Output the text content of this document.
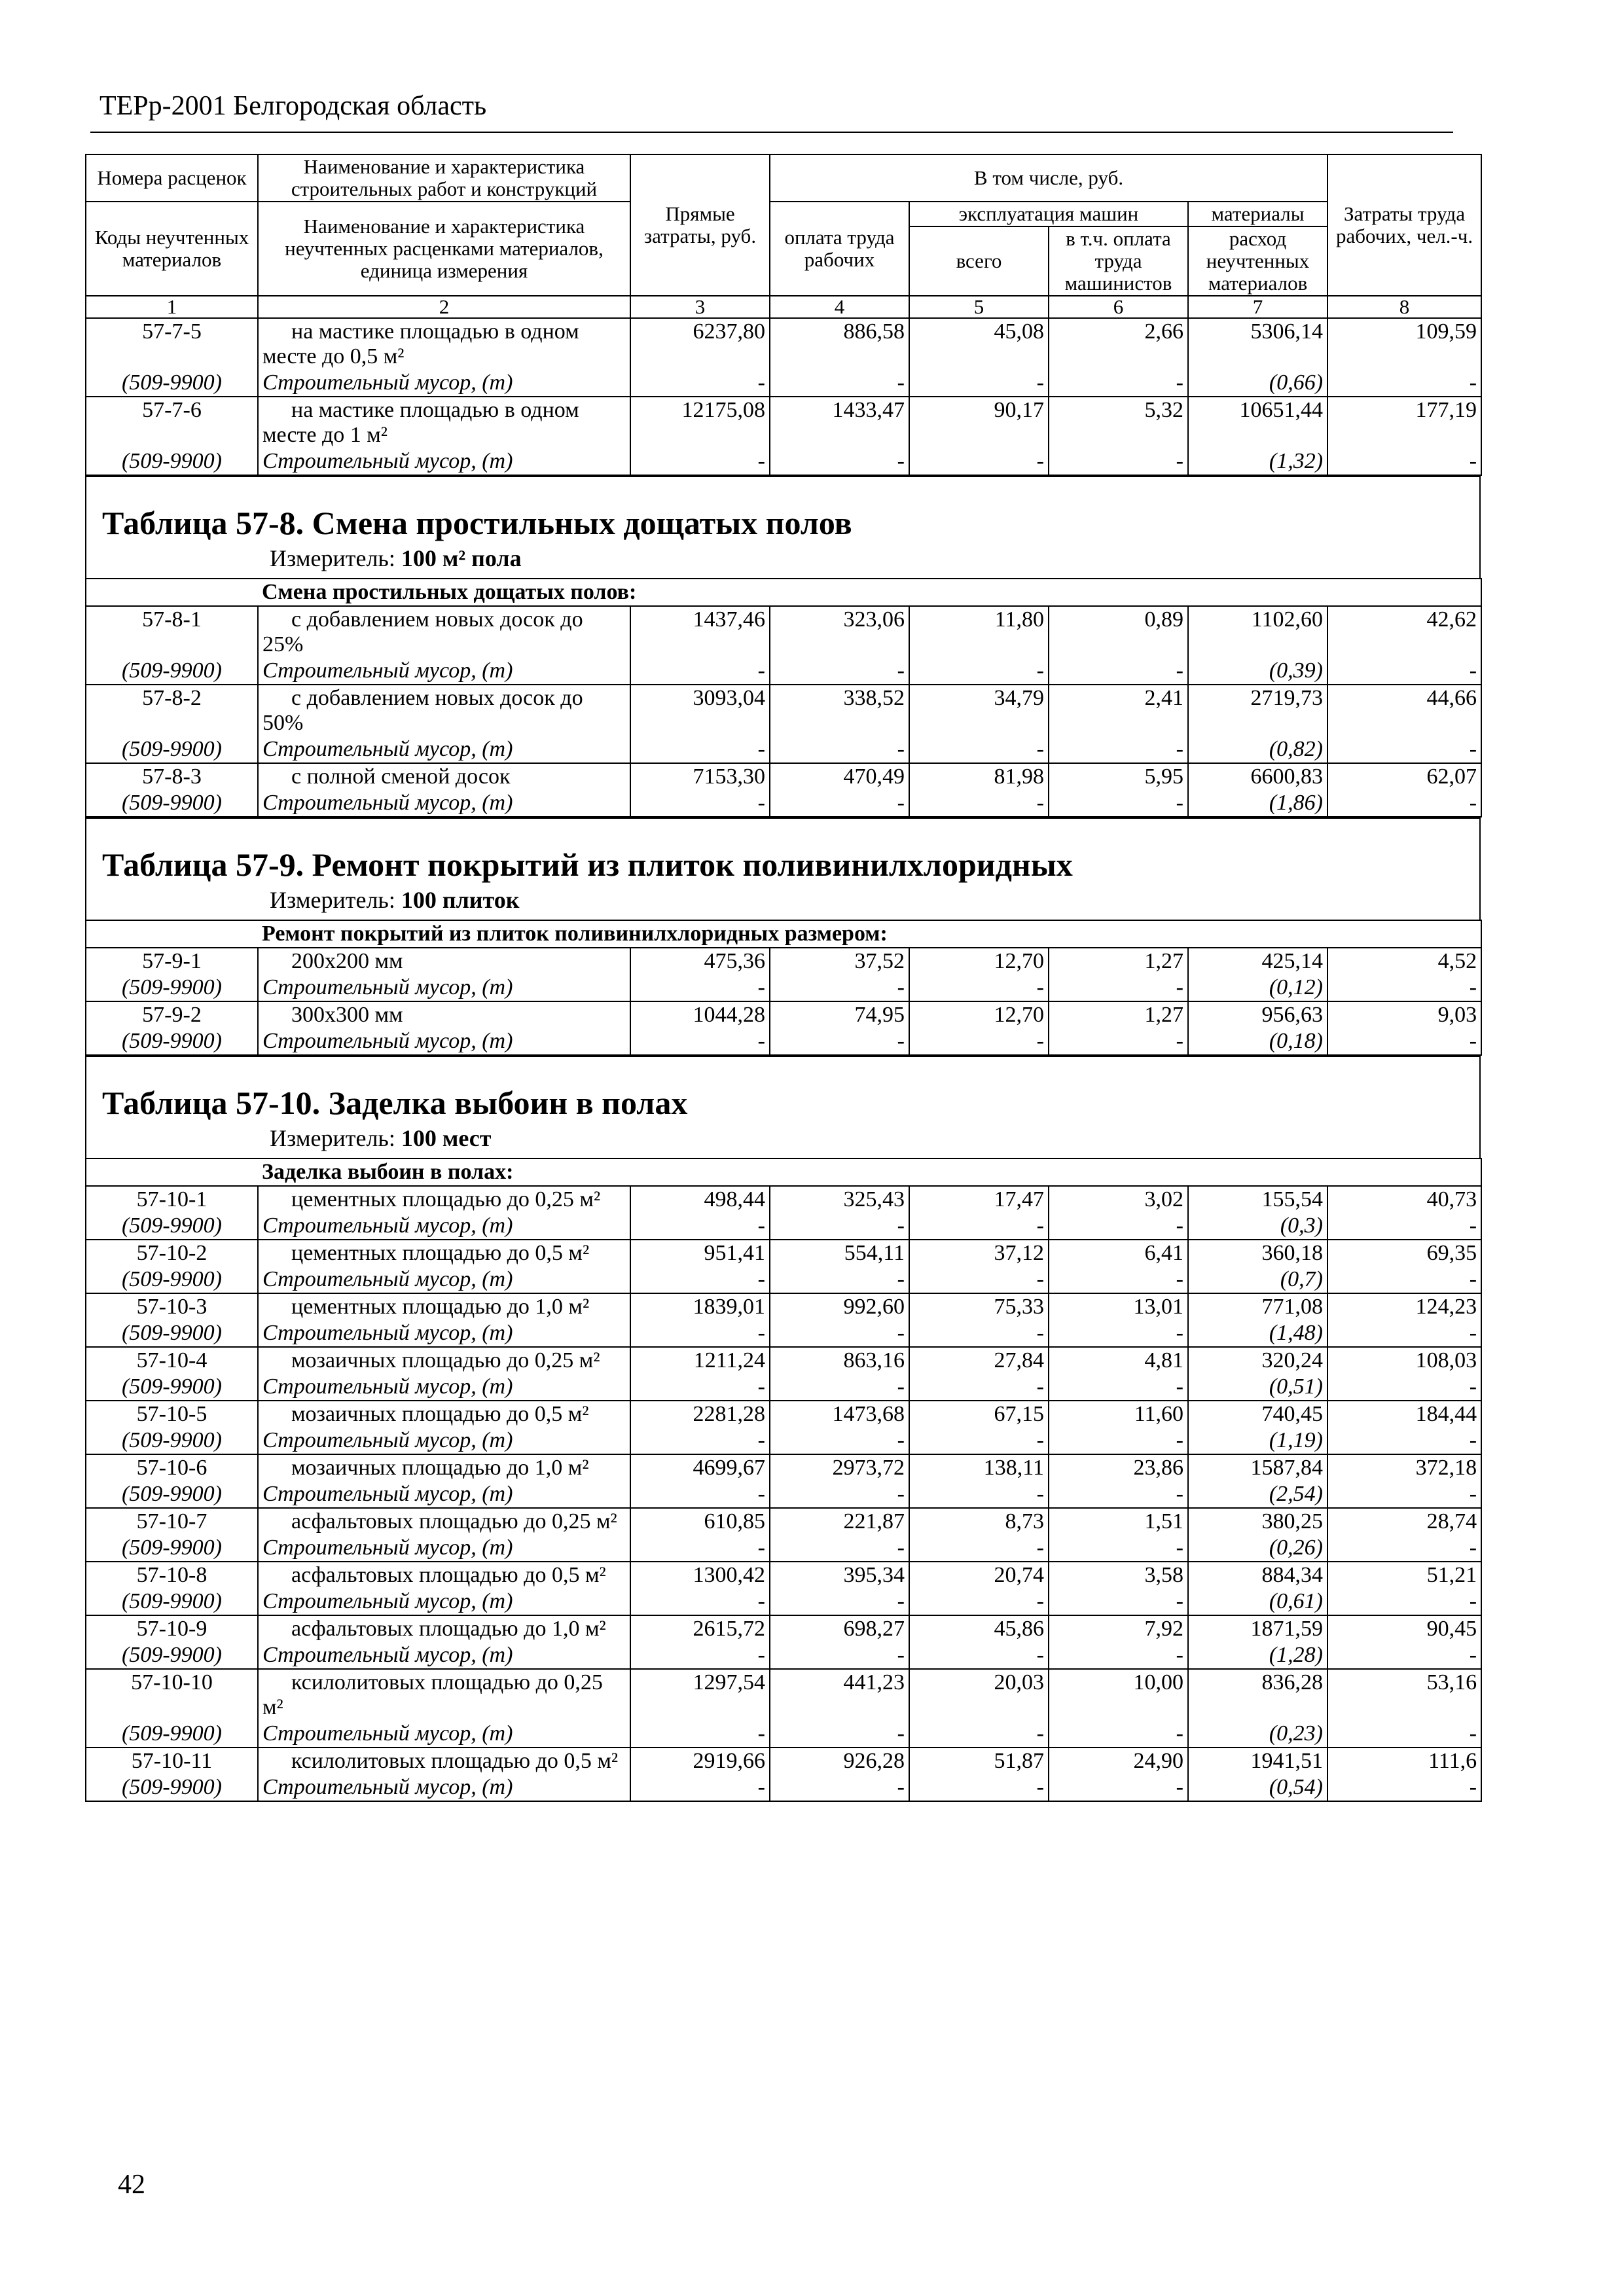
ТЕРр-2001 Белгородская область
Номера расценок	Наименование и характеристика строительных работ и конструкций	Прямые затраты, руб.	В том числе, руб.				Затраты труда рабочих, чел.-ч.
Коды неучтенных материалов	Наименование и характеристика неучтенных расценками материалов, единица измерения		оплата труда рабочих	эксплуатация машин		материалы	
				всего	в т.ч. оплата труда машинистов	расход неучтенных материалов	
1	2	3	4	5	6	7	8
57-7-5	на мастике площадью в одном месте до 0,5 м²	6237,80	886,58	45,08	2,66	5306,14	109,59
(509-9900)	Строительный мусор, (т)	-	-	-	-	(0,66)	-
57-7-6	на мастике площадью в одном месте до 1 м²	12175,08	1433,47	90,17	5,32	10651,44	177,19
(509-9900)	Строительный мусор, (т)	-	-	-	-	(1,32)	-
Таблица 57-8. Смена простильных дощатых полов
Измеритель: 100 м² пола
	Смена простильных дощатых полов:						
57-8-1	с добавлением новых досок до 25%	1437,46	323,06	11,80	0,89	1102,60	42,62
(509-9900)	Строительный мусор, (т)	-	-	-	-	(0,39)	-
57-8-2	с добавлением новых досок до 50%	3093,04	338,52	34,79	2,41	2719,73	44,66
(509-9900)	Строительный мусор, (т)	-	-	-	-	(0,82)	-
57-8-3	с полной сменой досок	7153,30	470,49	81,98	5,95	6600,83	62,07
(509-9900)	Строительный мусор, (т)	-	-	-	-	(1,86)	-
Таблица 57-9. Ремонт покрытий из плиток поливинилхлоридных
Измеритель: 100 плиток
	Ремонт покрытий из плиток поливинилхлоридных размером:						
57-9-1	200х200 мм	475,36	37,52	12,70	1,27	425,14	4,52
(509-9900)	Строительный мусор, (т)	-	-	-	-	(0,12)	-
57-9-2	300х300 мм	1044,28	74,95	12,70	1,27	956,63	9,03
(509-9900)	Строительный мусор, (т)	-	-	-	-	(0,18)	-
Таблица 57-10. Заделка выбоин в полах
Измеритель: 100 мест
	Заделка выбоин в полах:						
57-10-1	цементных площадью до 0,25 м²	498,44	325,43	17,47	3,02	155,54	40,73
(509-9900)	Строительный мусор, (т)	-	-	-	-	(0,3)	-
57-10-2	цементных площадью до 0,5 м²	951,41	554,11	37,12	6,41	360,18	69,35
(509-9900)	Строительный мусор, (т)	-	-	-	-	(0,7)	-
57-10-3	цементных площадью до 1,0 м²	1839,01	992,60	75,33	13,01	771,08	124,23
(509-9900)	Строительный мусор, (т)	-	-	-	-	(1,48)	-
57-10-4	мозаичных площадью до 0,25 м²	1211,24	863,16	27,84	4,81	320,24	108,03
(509-9900)	Строительный мусор, (т)	-	-	-	-	(0,51)	-
57-10-5	мозаичных площадью до 0,5 м²	2281,28	1473,68	67,15	11,60	740,45	184,44
(509-9900)	Строительный мусор, (т)	-	-	-	-	(1,19)	-
57-10-6	мозаичных площадью до 1,0 м²	4699,67	2973,72	138,11	23,86	1587,84	372,18
(509-9900)	Строительный мусор, (т)	-	-	-	-	(2,54)	-
57-10-7	асфальтовых площадью до 0,25 м²	610,85	221,87	8,73	1,51	380,25	28,74
(509-9900)	Строительный мусор, (т)	-	-	-	-	(0,26)	-
57-10-8	асфальтовых площадью до 0,5 м²	1300,42	395,34	20,74	3,58	884,34	51,21
(509-9900)	Строительный мусор, (т)	-	-	-	-	(0,61)	-
57-10-9	асфальтовых площадью до 1,0 м²	2615,72	698,27	45,86	7,92	1871,59	90,45
(509-9900)	Строительный мусор, (т)	-	-	-	-	(1,28)	-
57-10-10	ксилолитовых площадью до 0,25 м²	1297,54	441,23	20,03	10,00	836,28	53,16
(509-9900)	Строительный мусор, (т)	-	-	-	-	(0,23)	-
57-10-11	ксилолитовых площадью до 0,5 м²	2919,66	926,28	51,87	24,90	1941,51	111,6
(509-9900)	Строительный мусор, (т)	-	-	-	-	(0,54)	-
42
